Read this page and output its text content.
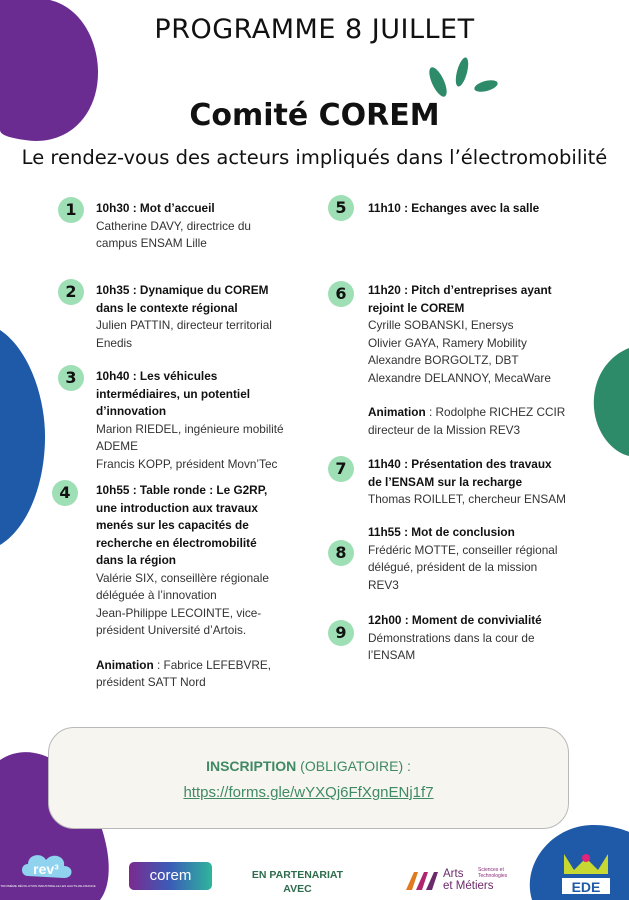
PROGRAMME 8 JUILLET
Comité COREM
Le rendez-vous des acteurs impliqués dans l’électromobilité
1	10h30 : Mot d’accueil
Catherine DAVY, directrice du
campus ENSAM Lille
2	10h35 : Dynamique du COREM
dans le contexte régional
Julien PATTIN, directeur territorial
Enedis
3	10h40 : Les véhicules
intermédiaires, un potentiel
d’innovation
Marion RIEDEL, ingénieure mobilité
ADEME
Francis KOPP, président Movn’Tec
4	10h55 : Table ronde : Le G2RP,
une introduction aux travaux
menés sur les capacités de
recherche en électromobilité
dans la région
Valérie SIX, conseillère régionale
déléguée à l’innovation
Jean-Philippe LECOINTE, vice-
président Université d’Artois.
Animation : Fabrice LEFEBVRE,
président SATT Nord
5	11h10 : Echanges avec la salle
6	11h20 : Pitch d’entreprises ayant
rejoint le COREM
Cyrille SOBANSKI, Enersys
Olivier GAYA, Ramery Mobility
Alexandre BORGOLTZ, DBT
Alexandre DELANNOY, MecaWare
Animation : Rodolphe RICHEZ CCIR
directeur de la Mission REV3
7	11h40 : Présentation des travaux
de l’ENSAM sur la recharge
Thomas ROILLET, chercheur ENSAM
8
11h55 : Mot de conclusion
Frédéric MOTTE, conseiller régional
délégué, président de la mission
REV3
9
12h00 : Moment de convivialité
Démonstrations dans la cour de
l’ENSAM
INSCRIPTION (OBLIGATOIRE) :
https://forms.gle/wYXQj6FfXgnENj1f7
rev³
TROISIÈME RÉVOLUTION INDUSTRIELLE LES HAUTS-DE-FRANCE
corem	EN PARTENARIAT
AVEC
Arts
et Métiers
Sciences et
Technologies
EDE
